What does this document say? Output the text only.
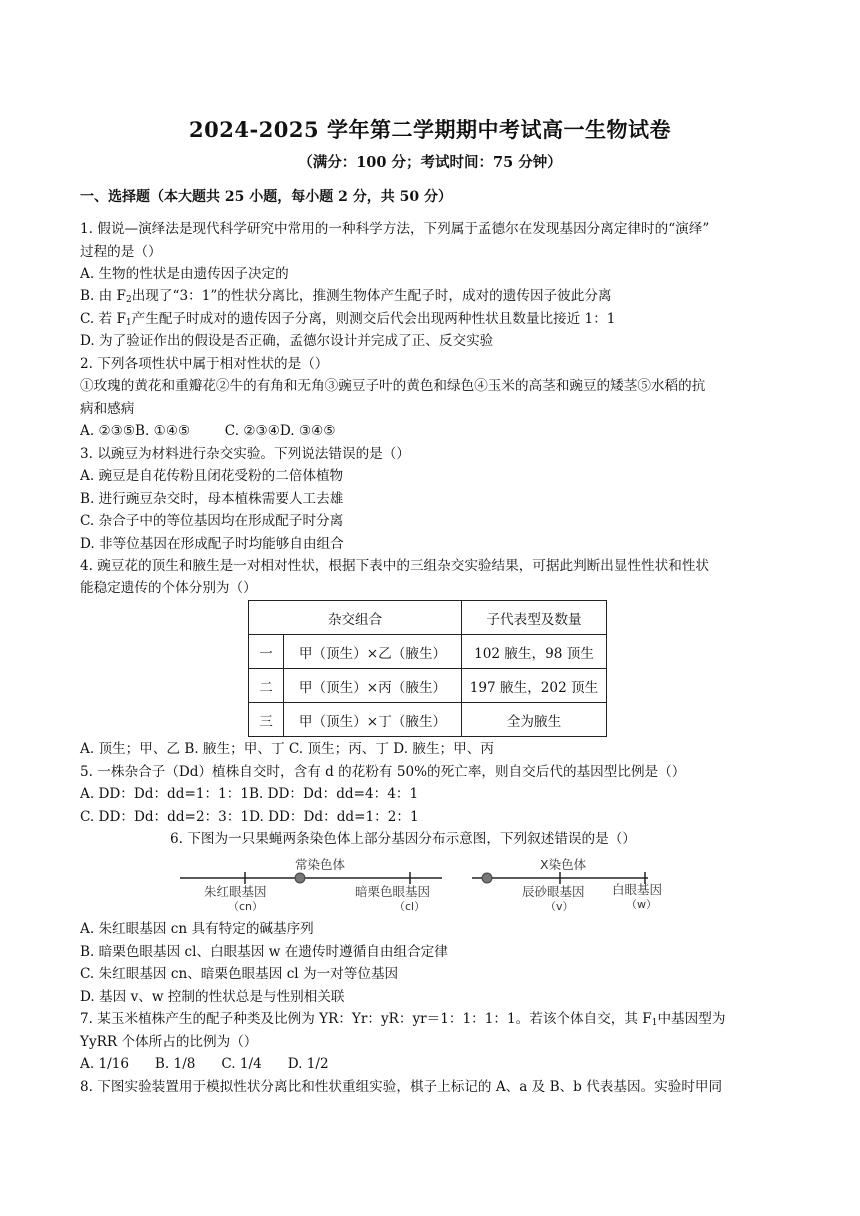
2024-2025 学年第二学期期中考试高一生物试卷
（满分：100 分；考试时间：75 分钟）
一、选择题（本大题共 25 小题，每小题 2 分，共 50 分）
1. 假说—演绎法是现代科学研究中常用的一种科学方法，下列属于孟德尔在发现基因分离定律时的“演绎”
过程的是（）
A. 生物的性状是由遗传因子决定的
B. 由 $F_2$出现了“3：1”的性状分离比，推测生物体产生配子时，成对的遗传因子彼此分离
C. 若 $F_1$产生配子时成对的遗传因子分离，则测交后代会出现两种性状且数量比接近 1：1
D. 为了验证作出的假设是否正确，孟德尔设计并完成了正、反交实验
2. 下列各项性状中属于相对性状的是（）
①玫瑰的黄花和重瓣花②牛的有角和无角③豌豆子叶的黄色和绿色④玉米的高茎和豌豆的矮茎⑤水稻的抗
病和感病
A. ②③⑤B. ①④⑤        C. ②③④D. ③④⑤
3. 以豌豆为材料进行杂交实验。下列说法错误的是（）
A. 豌豆是自花传粉且闭花受粉的二倍体植物
B. 进行豌豆杂交时，母本植株需要人工去雄
C. 杂合子中的等位基因均在形成配子时分离
D. 非等位基因在形成配子时均能够自由组合
4. 豌豆花的顶生和腋生是一对相对性状，根据下表中的三组杂交实验结果，可据此判断出显性性状和性状
能稳定遗传的个体分别为（）
杂交组合		子代表型及数量
一	甲（顶生）×乙（腋生）	102 腋生，98 顶生
二	甲（顶生）×丙（腋生）	197 腋生，202 顶生
三	甲（顶生）×丁（腋生）	全为腋生
A. 顶生；甲、乙 B. 腋生；甲、丁 C. 顶生；丙、丁 D. 腋生；甲、丙
5. 一株杂合子（Dd）植株自交时，含有 d 的花粉有 50%的死亡率，则自交后代的基因型比例是（）
A. DD：Dd：dd=1：1：1B. DD：Dd：dd=4：4：1
C. DD：Dd：dd=2：3：1D. DD：Dd：dd=1：2：1
6. 下图为一只果蝇两条染色体上部分基因分布示意图，下列叙述错误的是（）
常染色体	X染色体
朱红眼基因
（cn）
暗栗色眼基因
（cl）
辰砂眼基因
（v）
白眼基因
（w）
A. 朱红眼基因 cn 具有特定的碱基序列
B. 暗栗色眼基因 cl、白眼基因 w 在遗传时遵循自由组合定律
C. 朱红眼基因 cn、暗栗色眼基因 cl 为一对等位基因
D. 基因 v、w 控制的性状总是与性别相关联
7. 某玉米植株产生的配子种类及比例为 YR：Yr：yR：yr＝1：1：1：1。若该个体自交，其 $F_1$中基因型为
YyRR 个体所占的比例为（）
A. 1/16      B. 1/8      C. 1/4      D. 1/2
8. 下图实验装置用于模拟性状分离比和性状重组实验，棋子上标记的 A、a 及 B、b 代表基因。实验时甲同
